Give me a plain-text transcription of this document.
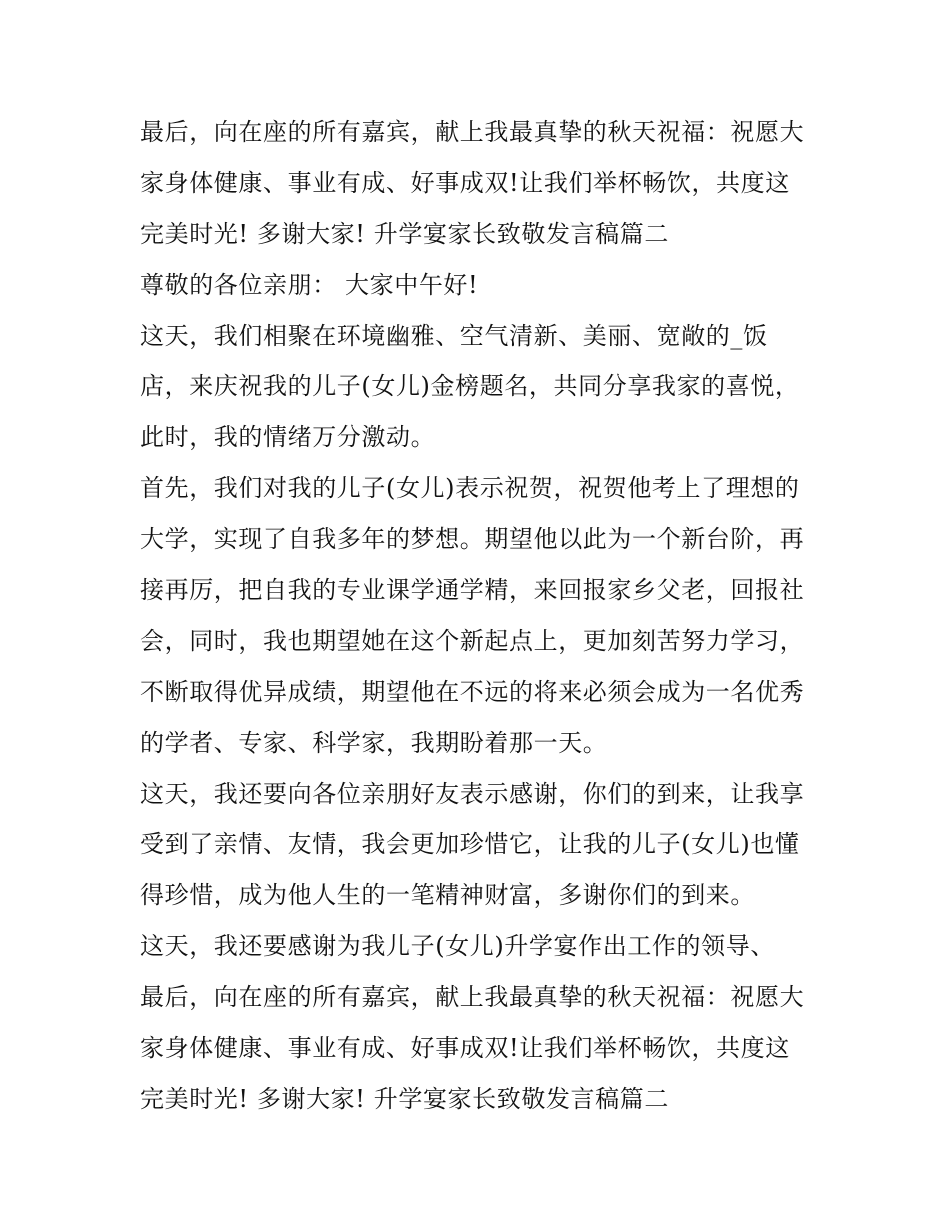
最后，向在座的所有嘉宾，献上我最真挚的秋天祝福：祝愿大
家身体健康、事业有成、好事成双!让我们举杯畅饮，共度这
完美时光! 多谢大家! 升学宴家长致敬发言稿篇二
尊敬的各位亲朋： 大家中午好!
这天，我们相聚在环境幽雅、空气清新、美丽、宽敞的_饭
店，来庆祝我的儿子(女儿)金榜题名，共同分享我家的喜悦，
此时，我的情绪万分激动。
首先，我们对我的儿子(女儿)表示祝贺，祝贺他考上了理想的
大学，实现了自我多年的梦想。期望他以此为一个新台阶，再
接再厉，把自我的专业课学通学精，来回报家乡父老，回报社
会，同时，我也期望她在这个新起点上，更加刻苦努力学习，
不断取得优异成绩，期望他在不远的将来必须会成为一名优秀
的学者、专家、科学家，我期盼着那一天。
这天，我还要向各位亲朋好友表示感谢，你们的到来，让我享
受到了亲情、友情，我会更加珍惜它，让我的儿子(女儿)也懂
得珍惜，成为他人生的一笔精神财富，多谢你们的到来。
这天，我还要感谢为我儿子(女儿)升学宴作出工作的领导、
最后，向在座的所有嘉宾，献上我最真挚的秋天祝福：祝愿大
家身体健康、事业有成、好事成双!让我们举杯畅饮，共度这
完美时光! 多谢大家! 升学宴家长致敬发言稿篇二
